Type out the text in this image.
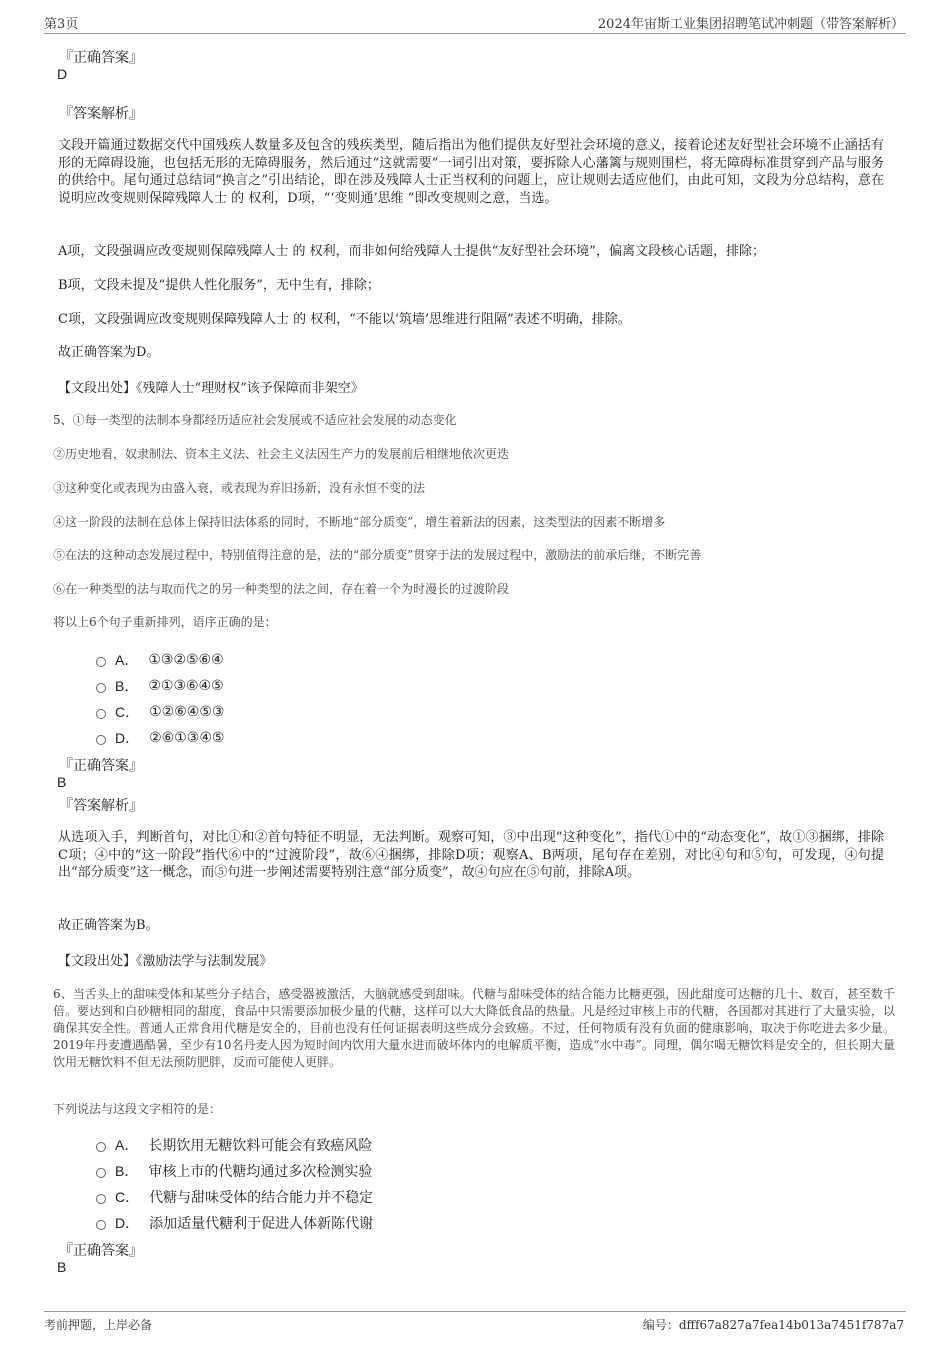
第3页	2024年宙斯工业集团招聘笔试冲刺题（带答案解析）
『正确答案』
D
『答案解析』

文段开篇通过数据交代中国残疾人数量多及包含的残疾类型，随后指出为他们提供友好型社会环境的意义，接着论述友好型社会环境不止涵括有形的无障碍设施，也包括无形的无障碍服务，然后通过“这就需要”一词引出对策，要拆除人心藩篱与规则围栏，将无障碍标准贯穿到产品与服务的供给中。尾句通过总结词“换言之”引出结论，即在涉及残障人士正当权利的问题上，应让规则去适应他们，由此可知，文段为分总结构，意在说明应改变规则保障残障人士 的 权利，D项，“‘变则通’思维 ”即改变规则之意，当选。

A项，文段强调应改变规则保障残障人士 的 权利，而非如何给残障人士提供“友好型社会环境”，偏离文段核心话题，排除；

B项，文段未提及“提供人性化服务”，无中生有，排除；

C项，文段强调应改变规则保障残障人士 的 权利，“不能以‘筑墙’思维进行阻隔”表述不明确，排除。

故正确答案为D。

【文段出处】《残障人士“理财权”该予保障而非架空》
5、①每一类型的法制本身都经历适应社会发展或不适应社会发展的动态变化
②历史地看，奴隶制法、资本主义法、社会主义法因生产力的发展前后相继地依次更迭
③这种变化或表现为由盛入衰，或表现为弃旧扬新，没有永恒不变的法
④这一阶段的法制在总体上保持旧法体系的同时，不断地“部分质变”，增生着新法的因素，这类型法的因素不断增多
⑤在法的这种动态发展过程中，特别值得注意的是，法的“部分质变”贯穿于法的发展过程中，激励法的前承后继，不断完善
⑥在一种类型的法与取而代之的另一种类型的法之间，存在着一个为时漫长的过渡阶段
将以上6个句子重新排列，语序正确的是：
A． ①③②⑤⑥④
B． ②①③⑥④⑤
C． ①②⑥④⑤③
D． ②⑥①③④⑤
『正确答案』
B
『答案解析』

从选项入手，判断首句，对比①和②首句特征不明显，无法判断。观察可知，③中出现“这种变化”，指代①中的“动态变化”，故①③捆绑，排除C项；④中的“这一阶段”指代⑥中的“过渡阶段”，故⑥④捆绑，排除D项；观察A、B两项，尾句存在差别，对比④句和⑤句，可发现，④句提出“部分质变”这一概念，而⑤句进一步阐述需要特别注意“部分质变”，故④句应在⑤句前，排除A项。

故正确答案为B。

【文段出处】《激励法学与法制发展》

6、当舌头上的甜味受体和某些分子结合，感受器被激活，大脑就感受到甜味。代糖与甜味受体的结合能力比糖更强，因此甜度可达糖的几十、数百，甚至数千倍。要达到和白砂糖相同的甜度，食品中只需要添加极少量的代糖，这样可以大大降低食品的热量。凡是经过审核上市的代糖，各国都对其进行了大量实验，以确保其安全性。普通人正常食用代糖是安全的，目前也没有任何证据表明这些成分会致癌。不过，任何物质有没有负面的健康影响，取决于你吃进去多少量。2019年丹麦遭遇酷暑，至少有10名丹麦人因为短时间内饮用大量水进而破坏体内的电解质平衡，造成“水中毒”。同理，偶尔喝无糖饮料是安全的，但长期大量饮用无糖饮料不但无法预防肥胖，反而可能使人更胖。

下列说法与这段文字相符的是：
A． 长期饮用无糖饮料可能会有致癌风险
B． 审核上市的代糖均通过多次检测实验
C． 代糖与甜味受体的结合能力并不稳定
D． 添加适量代糖利于促进人体新陈代谢
『正确答案』
B
考前押题，上岸必备	编号：dfff67a827a7fea14b013a7451f787a7
